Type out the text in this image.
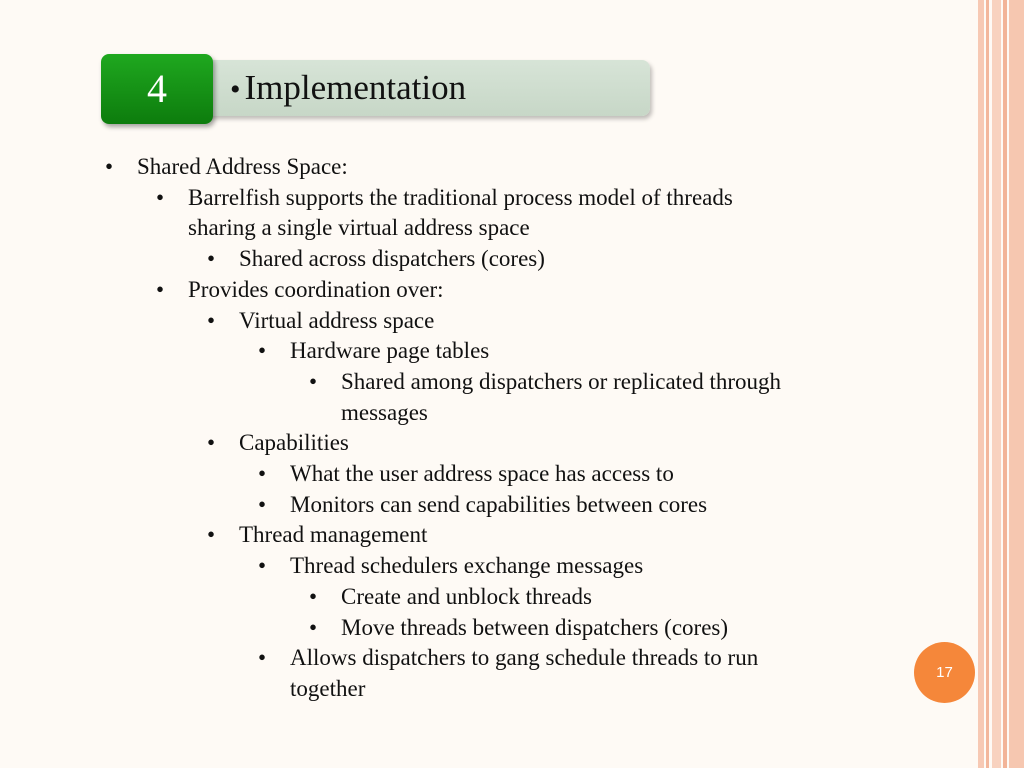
4	• Implementation
• Shared Address Space:
• Barrelfish supports the traditional process model of threads
sharing a single virtual address space
• Shared across dispatchers (cores)
• Provides coordination over:
• Virtual address space
• Hardware page tables
• Shared among dispatchers or replicated through
messages
• Capabilities
• What the user address space has access to
• Monitors can send capabilities between cores
• Thread management
• Thread schedulers exchange messages
• Create and unblock threads
• Move threads between dispatchers (cores)
• Allows dispatchers to gang schedule threads to run
together
17
